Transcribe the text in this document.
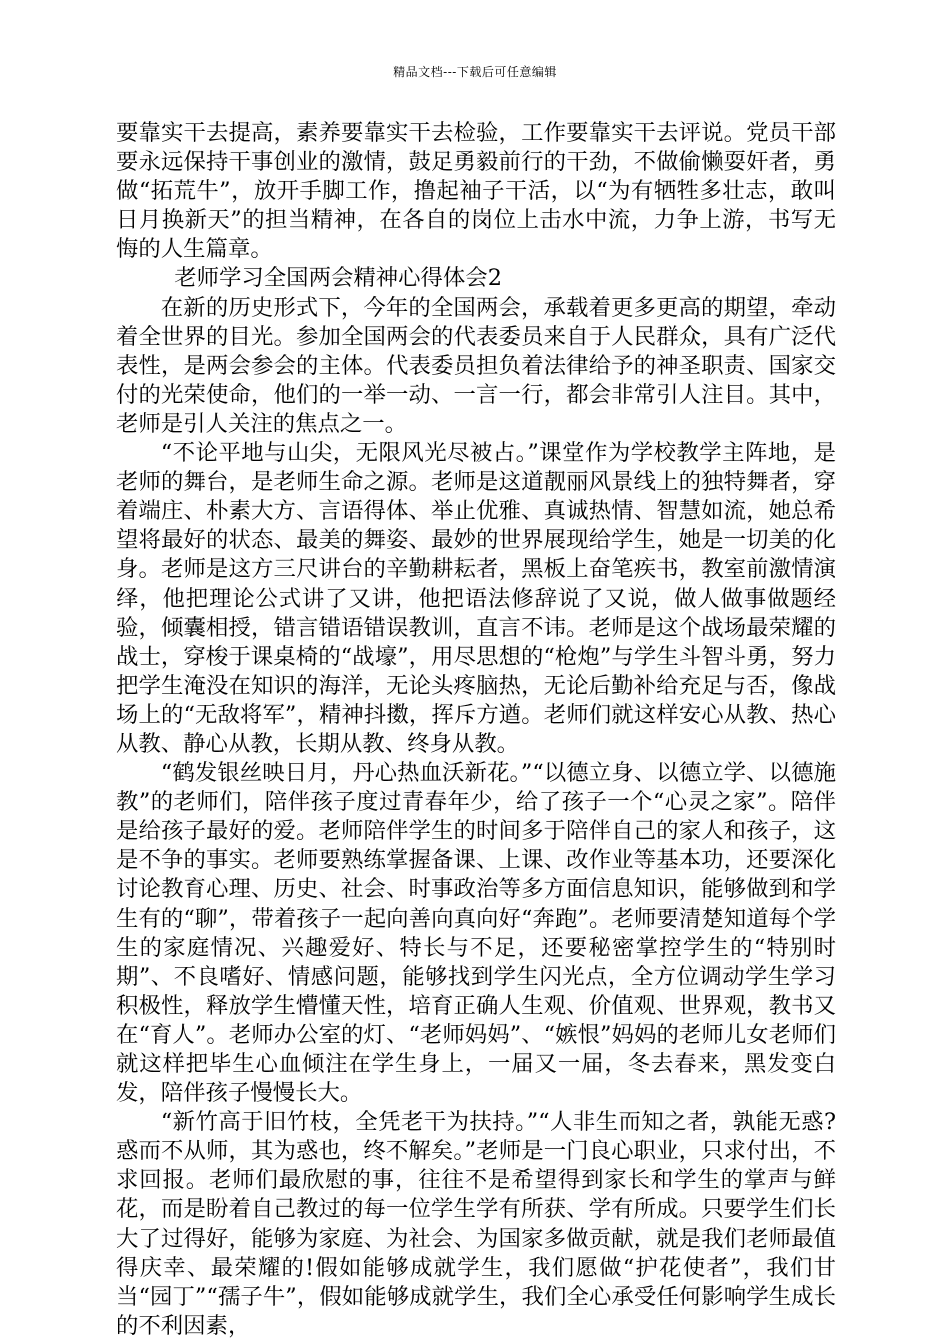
精品文档---下载后可任意编辑

要靠实干去提高，素养要靠实干去检验，工作要靠实干去评说。党员干部要永远保持干事创业的激情，鼓足勇毅前行的干劲，不做偷懒耍奸者，勇做“拓荒牛”，放开手脚工作，撸起袖子干活，以“为有牺牲多壮志，敢叫日月换新天”的担当精神，在各自的岗位上击水中流，力争上游，书写无悔的人生篇章。

老师学习全国两会精神心得体会2

在新的历史形式下，今年的全国两会，承载着更多更高的期望，牵动着全世界的目光。参加全国两会的代表委员来自于人民群众，具有广泛代表性，是两会参会的主体。代表委员担负着法律给予的神圣职责、国家交付的光荣使命，他们的一举一动、一言一行，都会非常引人注目。其中，老师是引人关注的焦点之一。

“不论平地与山尖，无限风光尽被占。”课堂作为学校教学主阵地，是老师的舞台，是老师生命之源。老师是这道靓丽风景线上的独特舞者，穿着端庄、朴素大方、言语得体、举止优雅、真诚热情、智慧如流，她总希望将最好的状态、最美的舞姿、最妙的世界展现给学生，她是一切美的化身。老师是这方三尺讲台的辛勤耕耘者，黑板上奋笔疾书，教室前激情演绎，他把理论公式讲了又讲，他把语法修辞说了又说，做人做事做题经验，倾囊相授，错言错语错误教训，直言不讳。老师是这个战场最荣耀的战士，穿梭于课桌椅的“战壕”，用尽思想的“枪炮”与学生斗智斗勇，努力把学生淹没在知识的海洋，无论头疼脑热，无论后勤补给充足与否，像战场上的“无敌将军”，精神抖擞，挥斥方遒。老师们就这样安心从教、热心从教、静心从教，长期从教、终身从教。

“鹤发银丝映日月，丹心热血沃新花。”“以德立身、以德立学、以德施教”的老师们，陪伴孩子度过青春年少，给了孩子一个“心灵之家”。陪伴是给孩子最好的爱。老师陪伴学生的时间多于陪伴自己的家人和孩子，这是不争的事实。老师要熟练掌握备课、上课、改作业等基本功，还要深化讨论教育心理、历史、社会、时事政治等多方面信息知识，能够做到和学生有的“聊”，带着孩子一起向善向真向好“奔跑”。老师要清楚知道每个学生的家庭情况、兴趣爱好、特长与不足，还要秘密掌控学生的“特别时期”、不良嗜好、情感问题，能够找到学生闪光点，全方位调动学生学习积极性，释放学生懵懂天性，培育正确人生观、价值观、世界观，教书又在“育人”。老师办公室的灯、“老师妈妈”、“嫉恨”妈妈的老师儿女老师们就这样把毕生心血倾注在学生身上，一届又一届，冬去春来，黑发变白发，陪伴孩子慢慢长大。

“新竹高于旧竹枝，全凭老干为扶持。”“人非生而知之者，孰能无惑?惑而不从师，其为惑也，终不解矣。”老师是一门良心职业，只求付出，不求回报。老师们最欣慰的事，往往不是希望得到家长和学生的掌声与鲜花，而是盼着自己教过的每一位学生学有所获、学有所成。只要学生们长大了过得好，能够为家庭、为社会、为国家多做贡献，就是我们老师最值得庆幸、最荣耀的!假如能够成就学生，我们愿做“护花使者”，我们甘当“园丁”“孺子牛”，假如能够成就学生，我们全心承受任何影响学生成长的不利因素，
